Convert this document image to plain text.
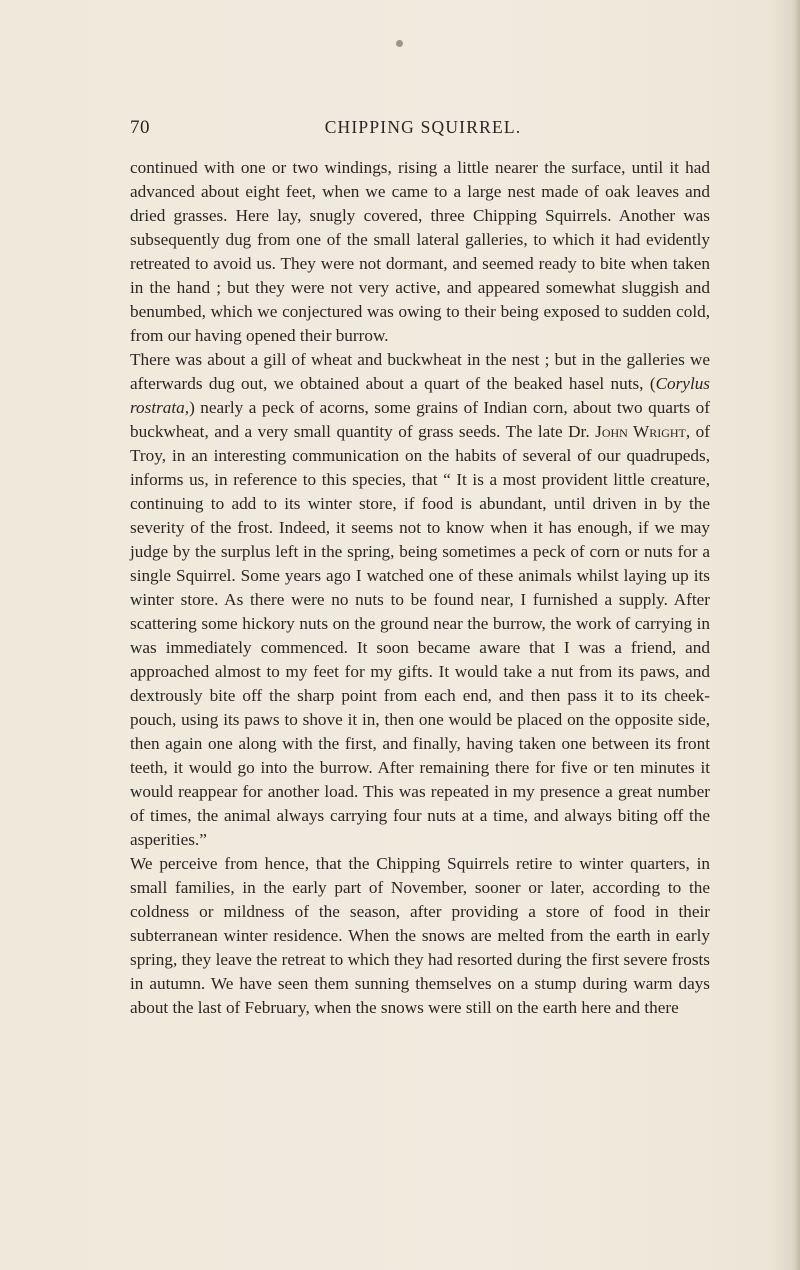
70	CHIPPING SQUIRREL.

continued with one or two windings, rising a little nearer the surface, until it had advanced about eight feet, when we came to a large nest made of oak leaves and dried grasses. Here lay, snugly covered, three Chipping Squirrels. Another was subsequently dug from one of the small lateral galleries, to which it had evidently retreated to avoid us. They were not dormant, and seemed ready to bite when taken in the hand ; but they were not very active, and appeared somewhat sluggish and benumbed, which we conjectured was owing to their being exposed to sudden cold, from our having opened their burrow.

There was about a gill of wheat and buckwheat in the nest ; but in the galleries we afterwards dug out, we obtained about a quart of the beaked hasel nuts, (Corylus rostrata,) nearly a peck of acorns, some grains of Indian corn, about two quarts of buckwheat, and a very small quantity of grass seeds. The late Dr. John Wright, of Troy, in an interesting communication on the habits of several of our quadrupeds, informs us, in reference to this species, that “ It is a most provident little creature, continuing to add to its winter store, if food is abundant, until driven in by the severity of the frost. Indeed, it seems not to know when it has enough, if we may judge by the surplus left in the spring, being sometimes a peck of corn or nuts for a single Squirrel. Some years ago I watched one of these animals whilst laying up its winter store. As there were no nuts to be found near, I furnished a supply. After scattering some hickory nuts on the ground near the burrow, the work of carrying in was immediately commenced. It soon became aware that I was a friend, and approached almost to my feet for my gifts. It would take a nut from its paws, and dextrously bite off the sharp point from each end, and then pass it to its cheek-pouch, using its paws to shove it in, then one would be placed on the opposite side, then again one along with the first, and finally, having taken one between its front teeth, it would go into the burrow. After remaining there for five or ten minutes it would reappear for another load. This was repeated in my presence a great number of times, the animal always carrying four nuts at a time, and always biting off the asperities.”

We perceive from hence, that the Chipping Squirrels retire to winter quarters, in small families, in the early part of November, sooner or later, according to the coldness or mildness of the season, after providing a store of food in their subterranean winter residence. When the snows are melted from the earth in early spring, they leave the retreat to which they had resorted during the first severe frosts in autumn. We have seen them sunning themselves on a stump during warm days about the last of February, when the snows were still on the earth here and there
